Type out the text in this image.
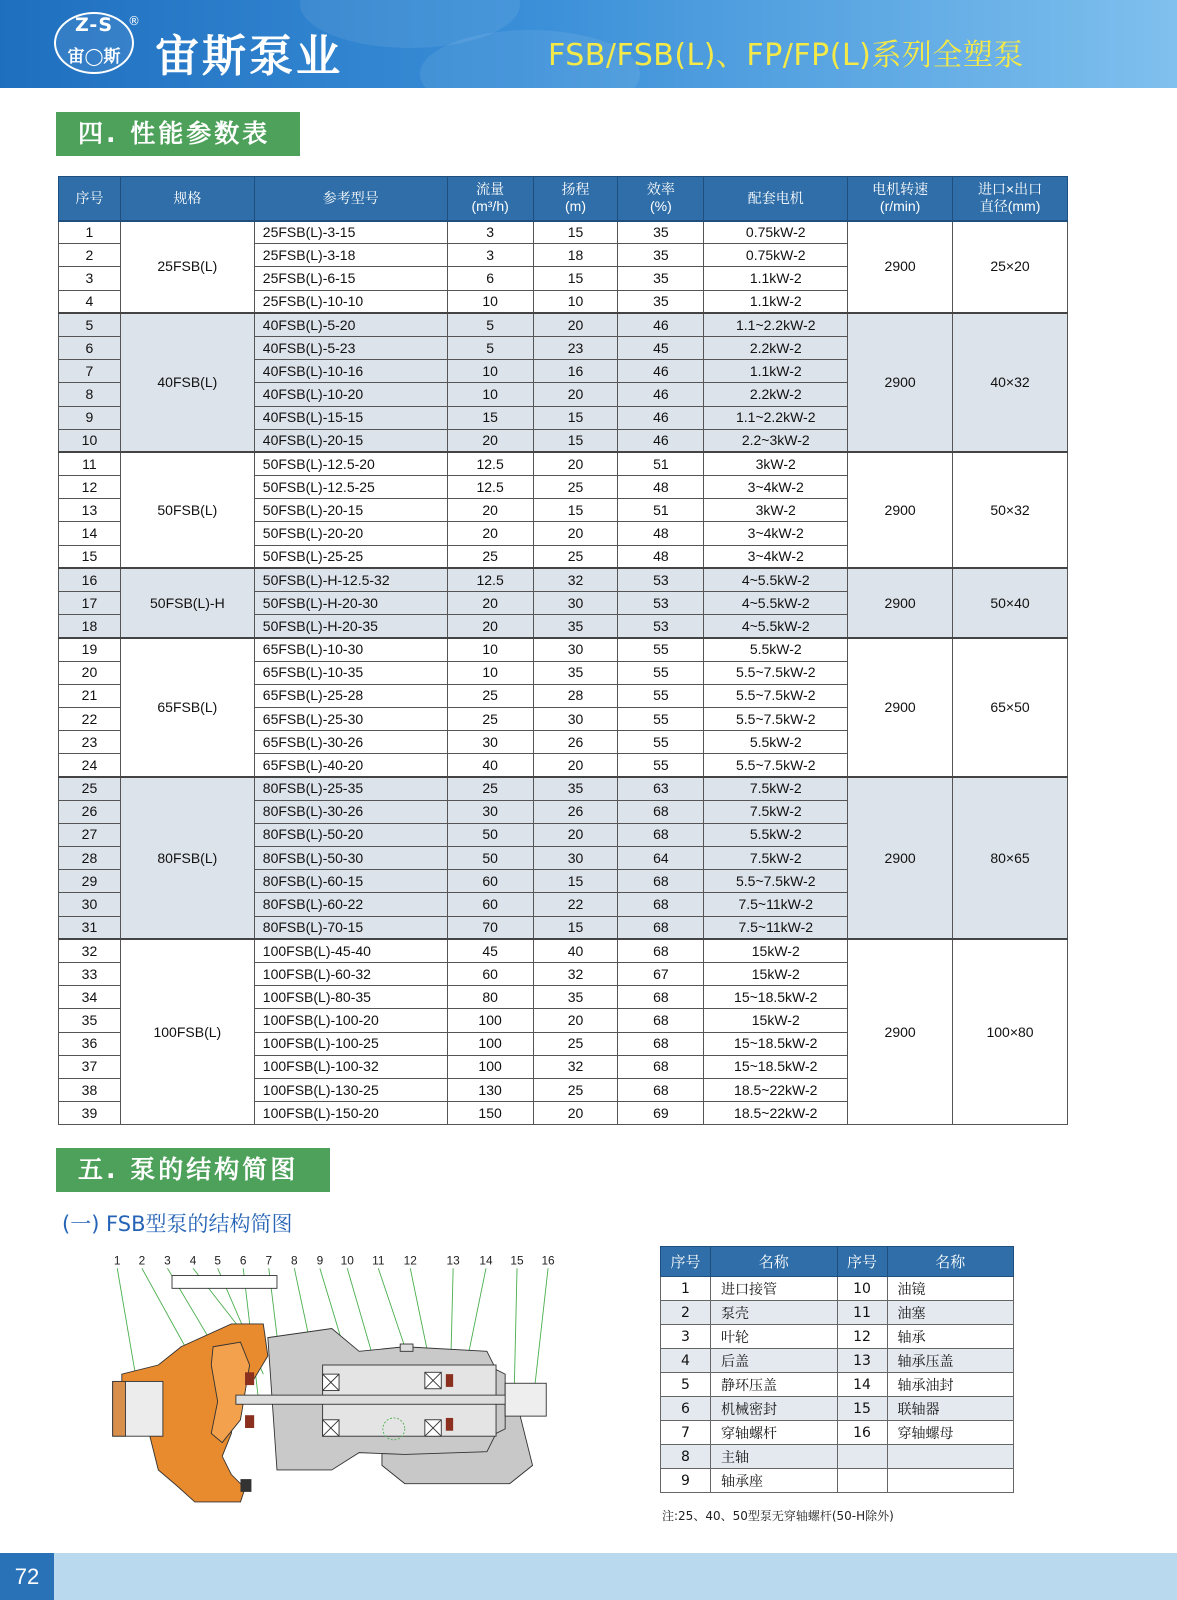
Z-S
宙◯斯
®
宙斯泵业	FSB/FSB(L)、FP/FP(L)系列全塑泵
四. 性能参数表
序号	规格	参考型号	流量
(m³/h)	扬程
(m)	效率
(%)	配套电机	电机转速
(r/min)	进口×出口
直径(mm)
1	25FSB(L)	25FSB(L)-3-15	3	15	35	0.75kW-2	2900	25×20
2		25FSB(L)-3-18	3	18	35	0.75kW-2		
3		25FSB(L)-6-15	6	15	35	1.1kW-2		
4		25FSB(L)-10-10	10	10	35	1.1kW-2		
5	40FSB(L)	40FSB(L)-5-20	5	20	46	1.1~2.2kW-2	2900	40×32
6		40FSB(L)-5-23	5	23	45	2.2kW-2		
7		40FSB(L)-10-16	10	16	46	1.1kW-2		
8		40FSB(L)-10-20	10	20	46	2.2kW-2		
9		40FSB(L)-15-15	15	15	46	1.1~2.2kW-2		
10		40FSB(L)-20-15	20	15	46	2.2~3kW-2		
11	50FSB(L)	50FSB(L)-12.5-20	12.5	20	51	3kW-2	2900	50×32
12		50FSB(L)-12.5-25	12.5	25	48	3~4kW-2		
13		50FSB(L)-20-15	20	15	51	3kW-2		
14		50FSB(L)-20-20	20	20	48	3~4kW-2		
15		50FSB(L)-25-25	25	25	48	3~4kW-2		
16	50FSB(L)-H	50FSB(L)-H-12.5-32	12.5	32	53	4~5.5kW-2	2900	50×40
17		50FSB(L)-H-20-30	20	30	53	4~5.5kW-2		
18		50FSB(L)-H-20-35	20	35	53	4~5.5kW-2		
19	65FSB(L)	65FSB(L)-10-30	10	30	55	5.5kW-2	2900	65×50
20		65FSB(L)-10-35	10	35	55	5.5~7.5kW-2		
21		65FSB(L)-25-28	25	28	55	5.5~7.5kW-2		
22		65FSB(L)-25-30	25	30	55	5.5~7.5kW-2		
23		65FSB(L)-30-26	30	26	55	5.5kW-2		
24		65FSB(L)-40-20	40	20	55	5.5~7.5kW-2		
25	80FSB(L)	80FSB(L)-25-35	25	35	63	7.5kW-2	2900	80×65
26		80FSB(L)-30-26	30	26	68	7.5kW-2		
27		80FSB(L)-50-20	50	20	68	5.5kW-2		
28		80FSB(L)-50-30	50	30	64	7.5kW-2		
29		80FSB(L)-60-15	60	15	68	5.5~7.5kW-2		
30		80FSB(L)-60-22	60	22	68	7.5~11kW-2		
31		80FSB(L)-70-15	70	15	68	7.5~11kW-2		
32	100FSB(L)	100FSB(L)-45-40	45	40	68	15kW-2	2900	100×80
33		100FSB(L)-60-32	60	32	67	15kW-2		
34		100FSB(L)-80-35	80	35	68	15~18.5kW-2		
35		100FSB(L)-100-20	100	20	68	15kW-2		
36		100FSB(L)-100-25	100	25	68	15~18.5kW-2		
37		100FSB(L)-100-32	100	32	68	15~18.5kW-2		
38		100FSB(L)-130-25	130	25	68	18.5~22kW-2		
39		100FSB(L)-150-20	150	20	69	18.5~22kW-2		
五. 泵的结构简图
(一) FSB型泵的结构简图
1 2 3 4 5 6 7 8 9 10 11 12 13 14 15 16	序号	名称	序号	名称
1	进口接管	10	油镜
2	泵壳	11	油塞
3	叶轮	12	轴承
4	后盖	13	轴承压盖
5	静环压盖	14	轴承油封
6	机械密封	15	联轴器
7	穿轴螺杆	16	穿轴螺母
8	主轴		
9	轴承座		
注:25、40、50型泵无穿轴螺杆(50-H除外)
72
